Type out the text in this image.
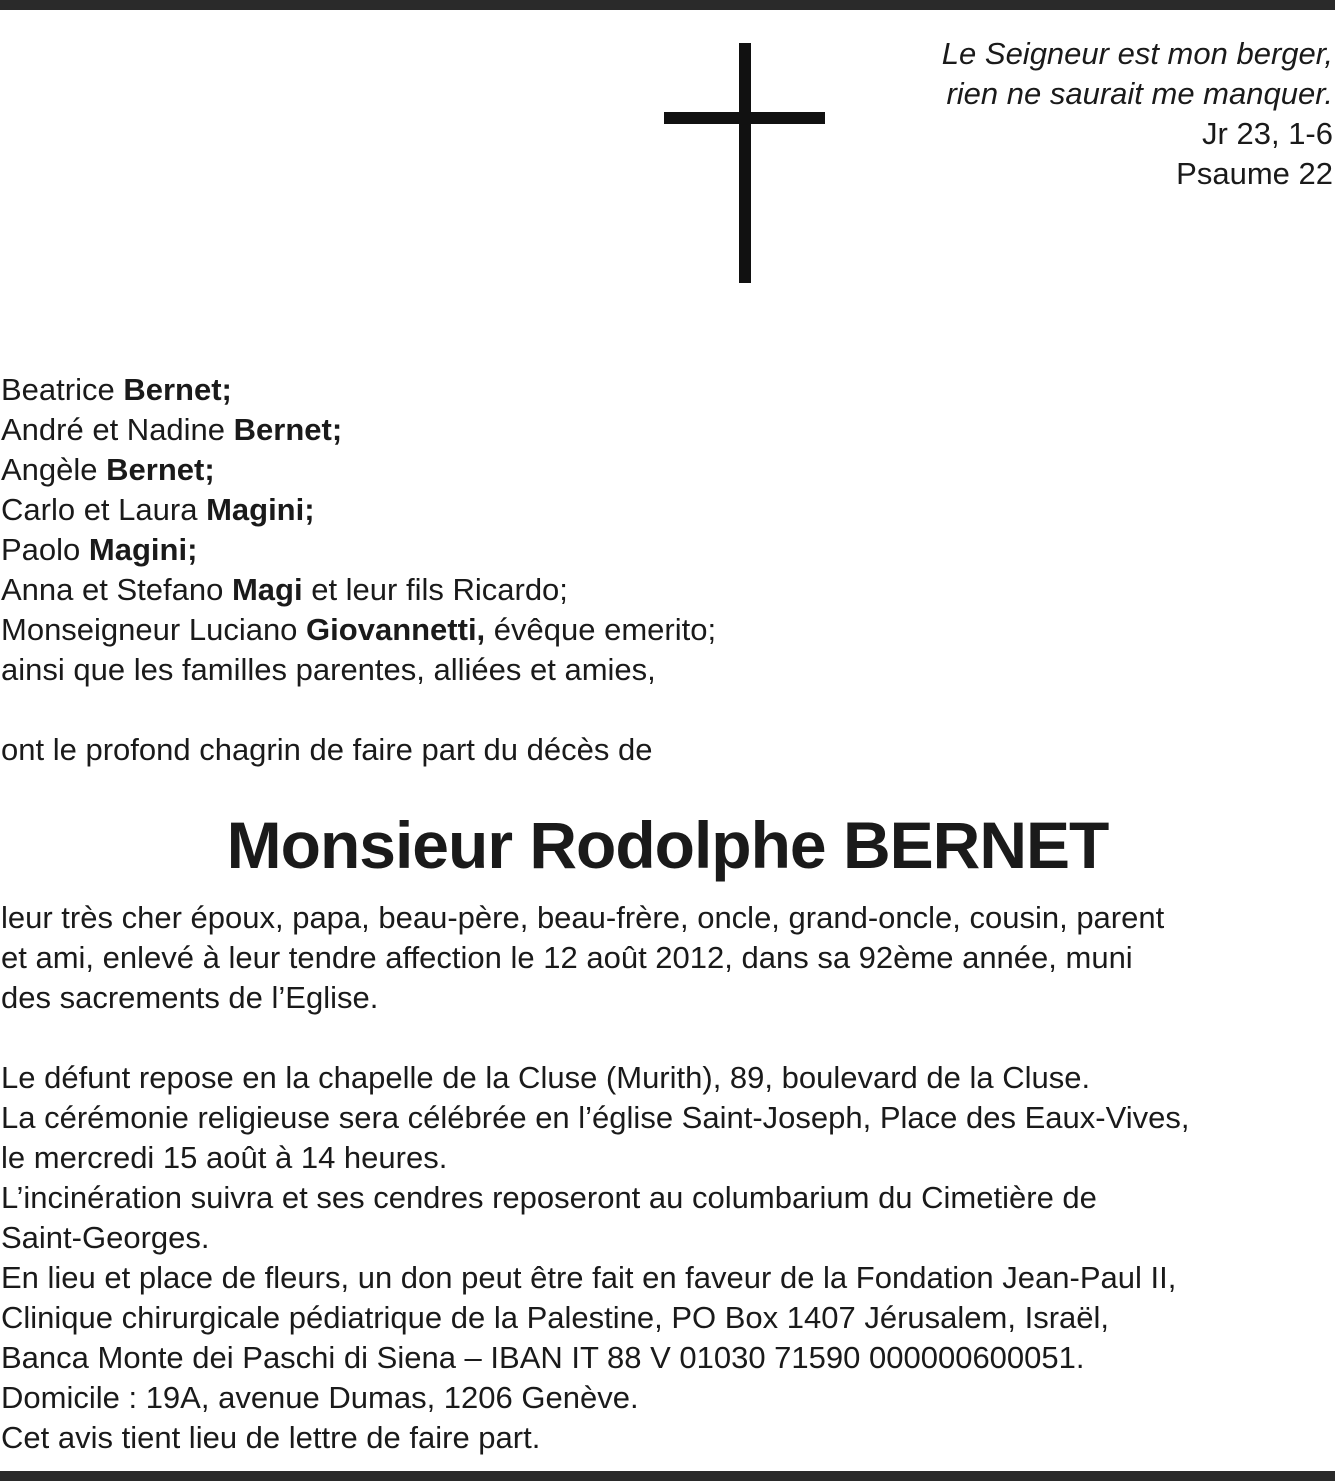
Le Seigneur est mon berger,
rien ne saurait me manquer.
Jr 23, 1-6
Psaume 22
Beatrice Bernet;
André et Nadine Bernet;
Angèle Bernet;
Carlo et Laura Magini;
Paolo Magini;
Anna et Stefano Magi et leur fils Ricardo;
Monseigneur Luciano Giovannetti, évêque emerito;
ainsi que les familles parentes, alliées et amies,
ont le profond chagrin de faire part du décès de
Monsieur Rodolphe BERNET
leur très cher époux, papa, beau-père, beau-frère, oncle, grand-oncle, cousin, parent
et ami, enlevé à leur tendre affection le 12 août 2012, dans sa 92ème année, muni
des sacrements de l’Eglise.
Le défunt repose en la chapelle de la Cluse (Murith), 89, boulevard de la Cluse.
La cérémonie religieuse sera célébrée en l’église Saint-Joseph, Place des Eaux-Vives,
le mercredi 15 août à 14 heures.
L’incinération suivra et ses cendres reposeront au columbarium du Cimetière de
Saint-Georges.
En lieu et place de fleurs, un don peut être fait en faveur de la Fondation Jean-Paul II,
Clinique chirurgicale pédiatrique de la Palestine, PO Box 1407 Jérusalem, Israël,
Banca Monte dei Paschi di Siena – IBAN IT 88 V 01030 71590 000000600051.
Domicile : 19A, avenue Dumas, 1206 Genève.
Cet avis tient lieu de lettre de faire part.
